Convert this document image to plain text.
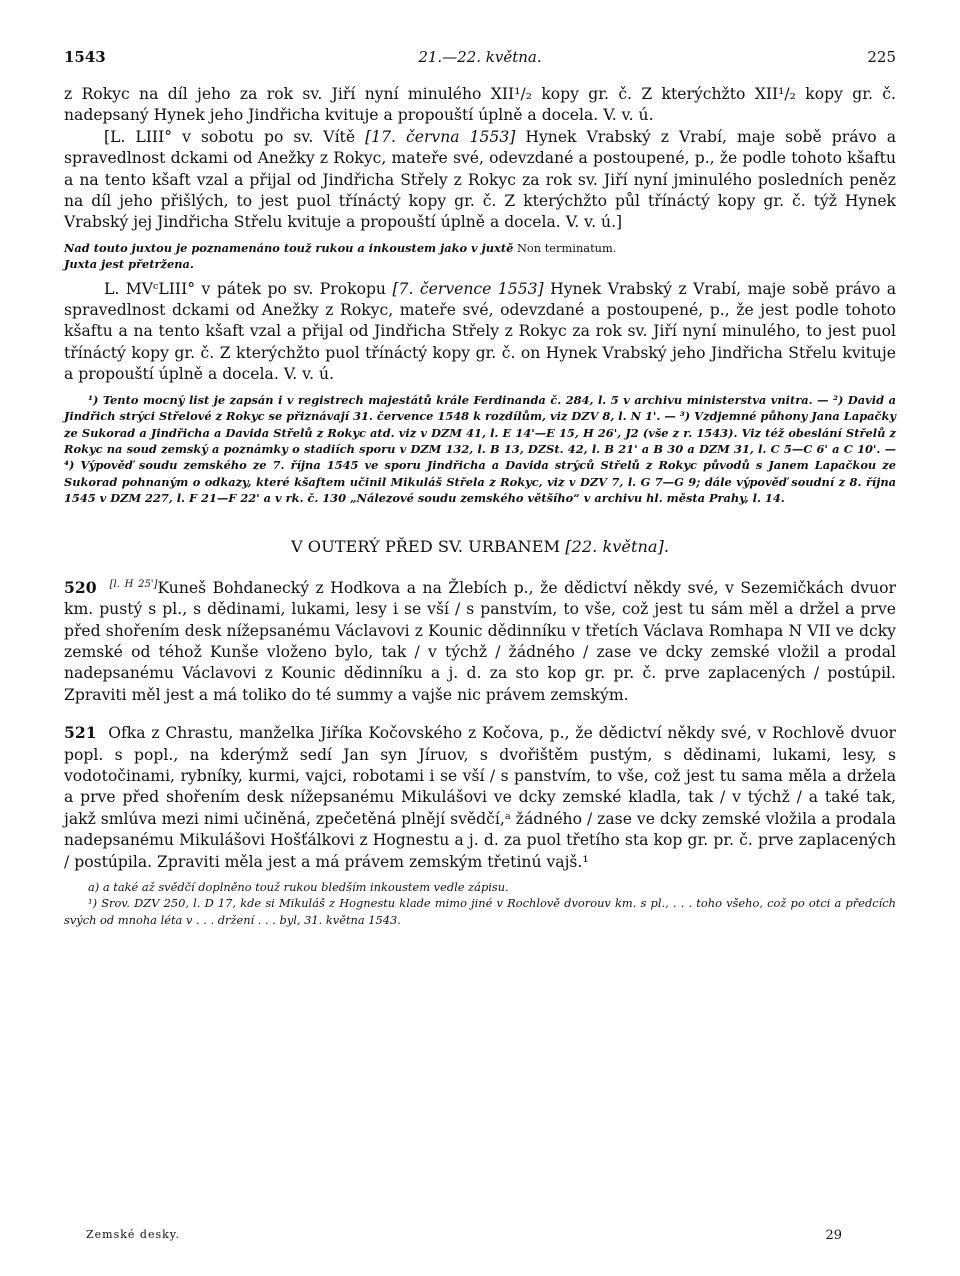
1543	21.—22. května.	225

z Rokyc na díl jeho za rok sv. Jiří nyní minulého XII¹/₂ kopy gr. č. Z kterýchžto XII¹/₂ kopy gr. č. nadepsaný Hynek jeho Jindřicha kvituje a propouští úplně a docela. V. v. ú.

[L. LIII° v sobotu po sv. Vítě [17. června 1553] Hynek Vrabský z Vrabí, maje sobě právo a spravedlnost dckami od Anežky z Rokyc, mateře své, odevzdané a postoupené, p., že podle tohoto kšaftu a na tento kšaft vzal a přijal od Jindřicha Střely z Rokyc za rok sv. Jiří nyní jminulého posledních peněz na díl jeho přišlých, to jest puol třínáctý kopy gr. č. Z kterýchžto půl třínáctý kopy gr. č. týž Hynek Vrabský jej Jindřicha Střelu kvituje a propouští úplně a docela. V. v. ú.]

Nad touto juxtou je poznamenáno touž rukou a inkoustem jako v juxtě Non terminatum.

Juxta jest přetržena.

L. MVᶜLIII° v pátek po sv. Prokopu [7. července 1553] Hynek Vrabský z Vrabí, maje sobě právo a spravedlnost dckami od Anežky z Rokyc, mateře své, odevzdané a postoupené, p., že jest podle tohoto kšaftu a na tento kšaft vzal a přijal od Jindřicha Střely z Rokyc za rok sv. Jiří nyní minulého, to jest puol třínáctý kopy gr. č. Z kterýchžto puol třínáctý kopy gr. č. on Hynek Vrabský jeho Jindřicha Střelu kvituje a propouští úplně a docela. V. v. ú.

¹) Tento mocný list je zapsán i v registrech majestátů krále Ferdinanda č. 284, l. 5 v archivu ministerstva vnitra. — ²) David a Jindřich strýci Střelové z Rokyc se přiznávají 31. července 1548 k rozdílům, viz DZV 8, l. N 1'. — ³) Vzdjemné půhony Jana Lapačky ze Sukorad a Jindřicha a Davida Střelů z Rokyc atd. viz v DZM 41, l. E 14'—E 15, H 26', J2 (vše z r. 1543). Viz též obeslání Střelů z Rokyc na soud zemský a poznámky o stadiích sporu v DZM 132, l. B 13, DZSt. 42, l. B 21' a B 30 a DZM 31, l. C 5—C 6' a C 10'. — ⁴) Výpověď soudu zemského ze 7. října 1545 ve sporu Jindřicha a Davida strýců Střelů z Rokyc původů s Janem Lapačkou ze Sukorad pohnaným o odkazy, které kšaftem učinil Mikuláš Střela z Rokyc, viz v DZV 7, l. G 7—G 9; dále výpověď soudní z 8. října 1545 v DZM 227, l. F 21—F 22' a v rk. č. 130 „Nálezové soudu zemského většího“ v archivu hl. města Prahy, l. 14.

V OUTERÝ PŘED SV. URBANEM [22. května].

520 [l. H 25']Kuneš Bohdanecký z Hodkova a na Žlebích p., že dědictví někdy své, v Sezemičkách dvuor km. pustý s pl., s dědinami, lukami, lesy i se vší / s panstvím, to vše, což jest tu sám měl a držel a prve před shořením desk nížepsanému Václavovi z Kounic dědinníku v třetích Václava Romhapa N VII ve dcky zemské od téhož Kunše vloženo bylo, tak / v týchž / žádného / zase ve dcky zemské vložil a prodal nadepsanému Václavovi z Kounic dědinníku a j. d. za sto kop gr. pr. č. prve zaplacených / postúpil. Zpraviti měl jest a má toliko do té summy a vajše nic právem zemským.

521 Ofka z Chrastu, manželka Jiříka Kočovského z Kočova, p., že dědictví někdy své, v Rochlově dvuor popl. s popl., na kderýmž sedí Jan syn Jíruov, s dvořištěm pustým, s dědinami, lukami, lesy, s vodotočinami, rybníky, kurmi, vajci, robotami i se vší / s panstvím, to vše, což jest tu sama měla a držela a prve před shořením desk nížepsanému Mikulášovi ve dcky zemské kladla, tak / v týchž / a také tak, jakž smlúva mezi nimi učiněná, zpečetěná plnějí svědčí,ᵃ žádného / zase ve dcky zemské vložila a prodala nadepsanému Mikulášovi Hošťálkovi z Hognestu a j. d. za puol třetího sta kop gr. pr. č. prve zaplacených / postúpila. Zpraviti měla jest a má právem zemským třetinú vajš.¹

a) a také až svědčí doplněno touž rukou bledším inkoustem vedle zápisu.

¹) Srov. DZV 250, l. D 17, kde si Mikuláš z Hognestu klade mimo jiné v Rochlově dvorouv km. s pl., . . . toho všeho, což po otci a předcích svých od mnoha léta v . . . držení . . . byl, 31. května 1543.

Zemské desky.	29
